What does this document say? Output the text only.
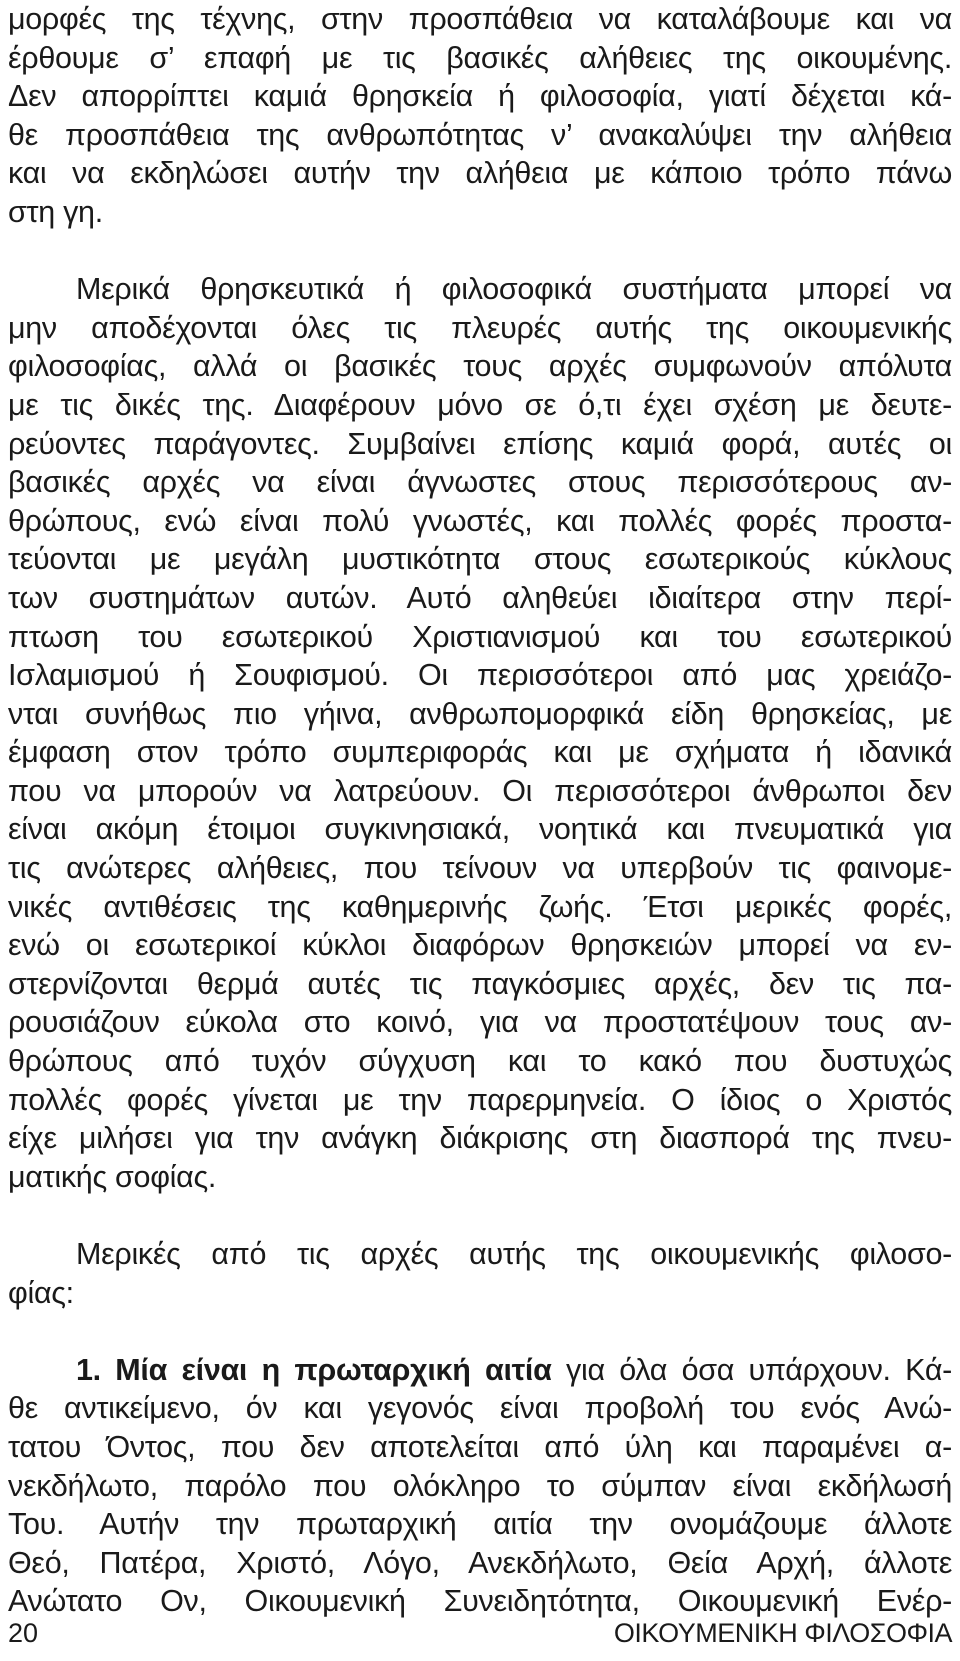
μορφές της τέχνης, στην προσπάθεια να καταλάβουμε και να
έρθουμε σ’ επαφή με τις βασικές αλήθειες της οικουμένης.
Δεν απορρίπτει καμιά θρησκεία ή φιλοσοφία, γιατί δέχεται κά-
θε προσπάθεια της ανθρωπότητας ν’ ανακαλύψει την αλήθεια
και να εκδηλώσει αυτήν την αλήθεια με κάποιο τρόπο πάνω
στη γη.
Μερικά θρησκευτικά ή φιλοσοφικά συστήματα μπορεί να
μην αποδέχονται όλες τις πλευρές αυτής της οικουμενικής
φιλοσοφίας, αλλά οι βασικές τους αρχές συμφωνούν απόλυτα
με τις δικές της. Διαφέρουν μόνο σε ό,τι έχει σχέση με δευτε-
ρεύοντες παράγοντες. Συμβαίνει επίσης καμιά φορά, αυτές οι
βασικές αρχές να είναι άγνωστες στους περισσότερους αν-
θρώπους, ενώ είναι πολύ γνωστές, και πολλές φορές προστα-
τεύονται με μεγάλη μυστικότητα στους εσωτερικούς κύκλους
των συστημάτων αυτών. Αυτό αληθεύει ιδιαίτερα στην περί-
πτωση του εσωτερικού Χριστιανισμού και του εσωτερικού
Ισλαμισμού ή Σουφισμού. Οι περισσότεροι από μας χρειάζο-
νται συνήθως πιο γήινα, ανθρωπομορφικά είδη θρησκείας, με
έμφαση στον τρόπο συμπεριφοράς και με σχήματα ή ιδανικά
που να μπορούν να λατρεύουν. Οι περισσότεροι άνθρωποι δεν
είναι ακόμη έτοιμοι συγκινησιακά, νοητικά και πνευματικά για
τις ανώτερες αλήθειες, που τείνουν να υπερβούν τις φαινομε-
νικές αντιθέσεις της καθημερινής ζωής. Έτσι μερικές φορές,
ενώ οι εσωτερικοί κύκλοι διαφόρων θρησκειών μπορεί να εν-
στερνίζονται θερμά αυτές τις παγκόσμιες αρχές, δεν τις πα-
ρουσιάζουν εύκολα στο κοινό, για να προστατέψουν τους αν-
θρώπους από τυχόν σύγχυση και το κακό που δυστυχώς
πολλές φορές γίνεται με την παρερμηνεία. Ο ίδιος ο Χριστός
είχε μιλήσει για την ανάγκη διάκρισης στη διασπορά της πνευ-
ματικής σοφίας.
Μερικές από τις αρχές αυτής της οικουμενικής φιλοσο-
φίας:
1. Μία είναι η πρωταρχική αιτία για όλα όσα υπάρχουν. Κά-
θε αντικείμενο, όν και γεγονός είναι προβολή του ενός Ανώ-
τατου Όντος, που δεν αποτελείται από ύλη και παραμένει α-
νεκδήλωτο, παρόλο που ολόκληρο το σύμπαν είναι εκδήλωσή
Του. Αυτήν την πρωταρχική αιτία την ονομάζουμε άλλοτε
Θεό, Πατέρα, Χριστό, Λόγο, Ανεκδήλωτο, Θεία Αρχή, άλλοτε
Ανώτατο Ον, Οικουμενική Συνειδητότητα, Οικουμενική Ενέρ-
20	ΟΙΚΟΥΜΕΝΙΚΗ ΦΙΛΟΣΟΦΙΑ
